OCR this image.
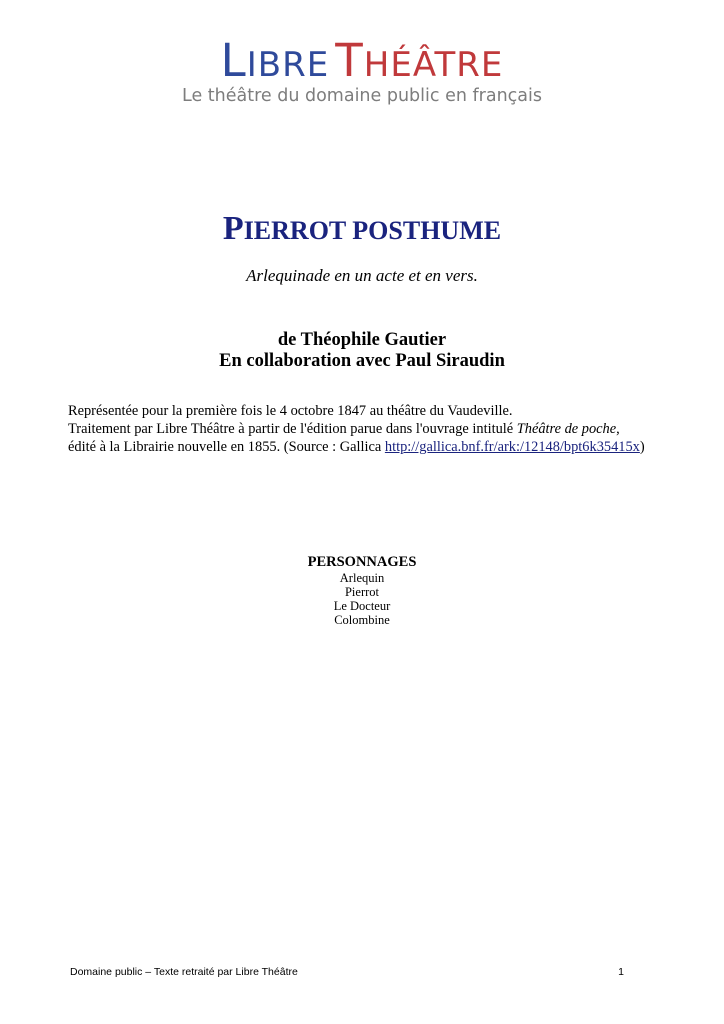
LIBRE THÉÂTRE
Le théâtre du domaine public en français
PIERROT POSTHUME
Arlequinade en un acte et en vers.
de Théophile Gautier
En collaboration avec Paul Siraudin
Représentée pour la première fois le 4 octobre 1847 au théâtre du Vaudeville.
Traitement par Libre Théâtre à partir de l'édition parue dans l'ouvrage intitulé Théâtre de poche,
édité à la Librairie nouvelle en 1855. (Source : Gallica http://gallica.bnf.fr/ark:/12148/bpt6k35415x)
PERSONNAGES
Arlequin
Pierrot
Le Docteur
Colombine
Domaine public – Texte retraité par Libre Théâtre	1
